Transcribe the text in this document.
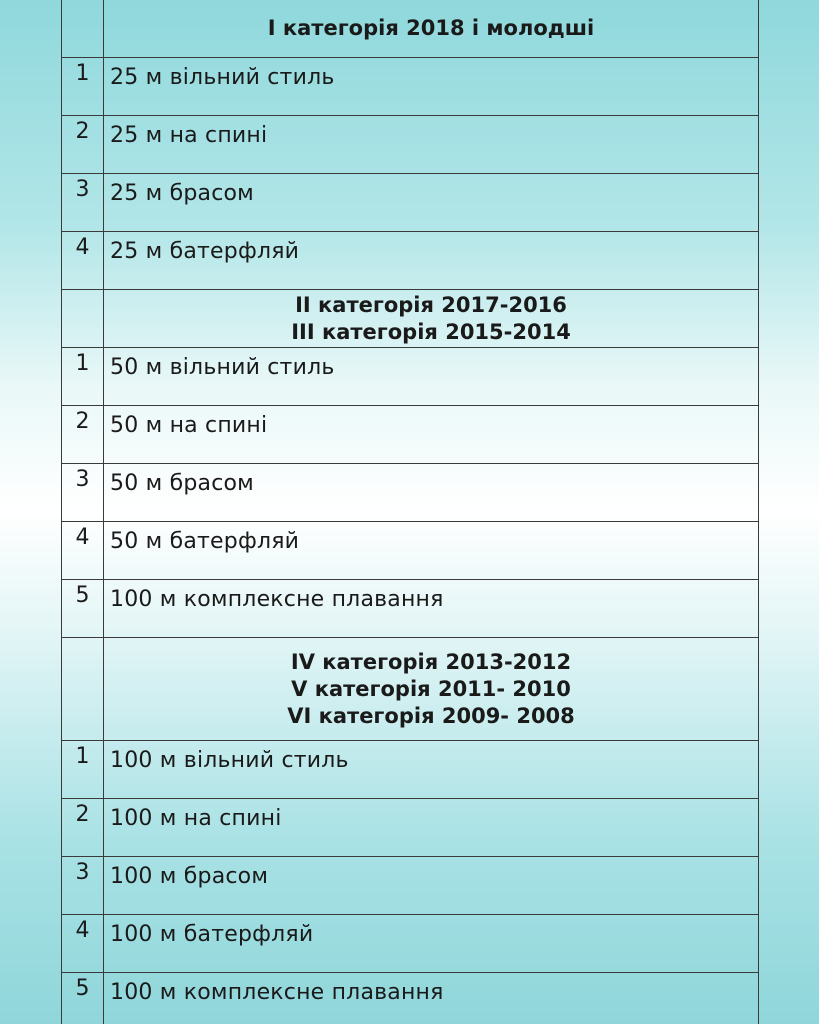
I категорія 2018 і молодші
1 25 м вільний стиль
2 25 м на спині
3 25 м брасом
4 25 м батерфляй
II категорія 2017-2016
III категорія 2015-2014
1 50 м вільний стиль
2 50 м на спині
3 50 м брасом
4 50 м батерфляй
5 100 м комплексне плавання
IV категорія 2013-2012
V категорія 2011- 2010
VI категорія 2009- 2008
1 100 м вільний стиль
2 100 м на спині
3 100 м брасом
4 100 м батерфляй
5 100 м комплексне плавання
